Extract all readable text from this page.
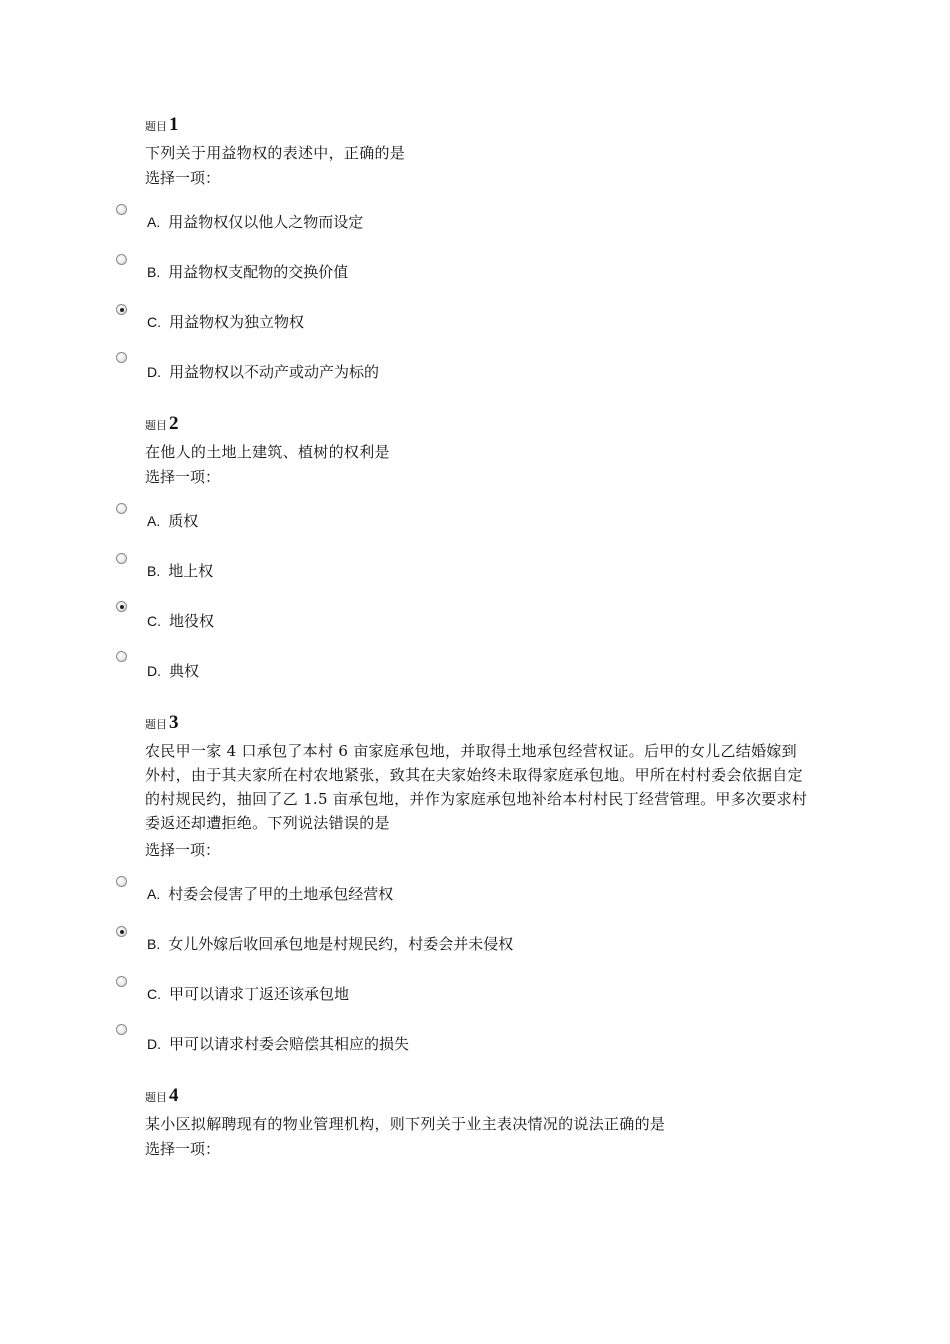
题目 1
下列关于用益物权的表述中，正确的是
选择一项：
A. 用益物权仅以他人之物而设定
B. 用益物权支配物的交换价值
C. 用益物权为独立物权
D. 用益物权以不动产或动产为标的
题目 2
在他人的土地上建筑、植树的权利是
选择一项：
A. 质权
B. 地上权
C. 地役权
D. 典权
题目 3
农民甲一家 4 口承包了本村 6 亩家庭承包地，并取得土地承包经营权证。后甲的女儿乙结婚嫁到外村，由于其夫家所在村农地紧张，致其在夫家始终未取得家庭承包地。甲所在村村委会依据自定的村规民约，抽回了乙 1.5 亩承包地，并作为家庭承包地补给本村村民丁经营管理。甲多次要求村委返还却遭拒绝。下列说法错误的是
选择一项：
A. 村委会侵害了甲的土地承包经营权
B. 女儿外嫁后收回承包地是村规民约，村委会并未侵权
C. 甲可以请求丁返还该承包地
D. 甲可以请求村委会赔偿其相应的损失
题目 4
某小区拟解聘现有的物业管理机构，则下列关于业主表决情况的说法正确的是
选择一项：
